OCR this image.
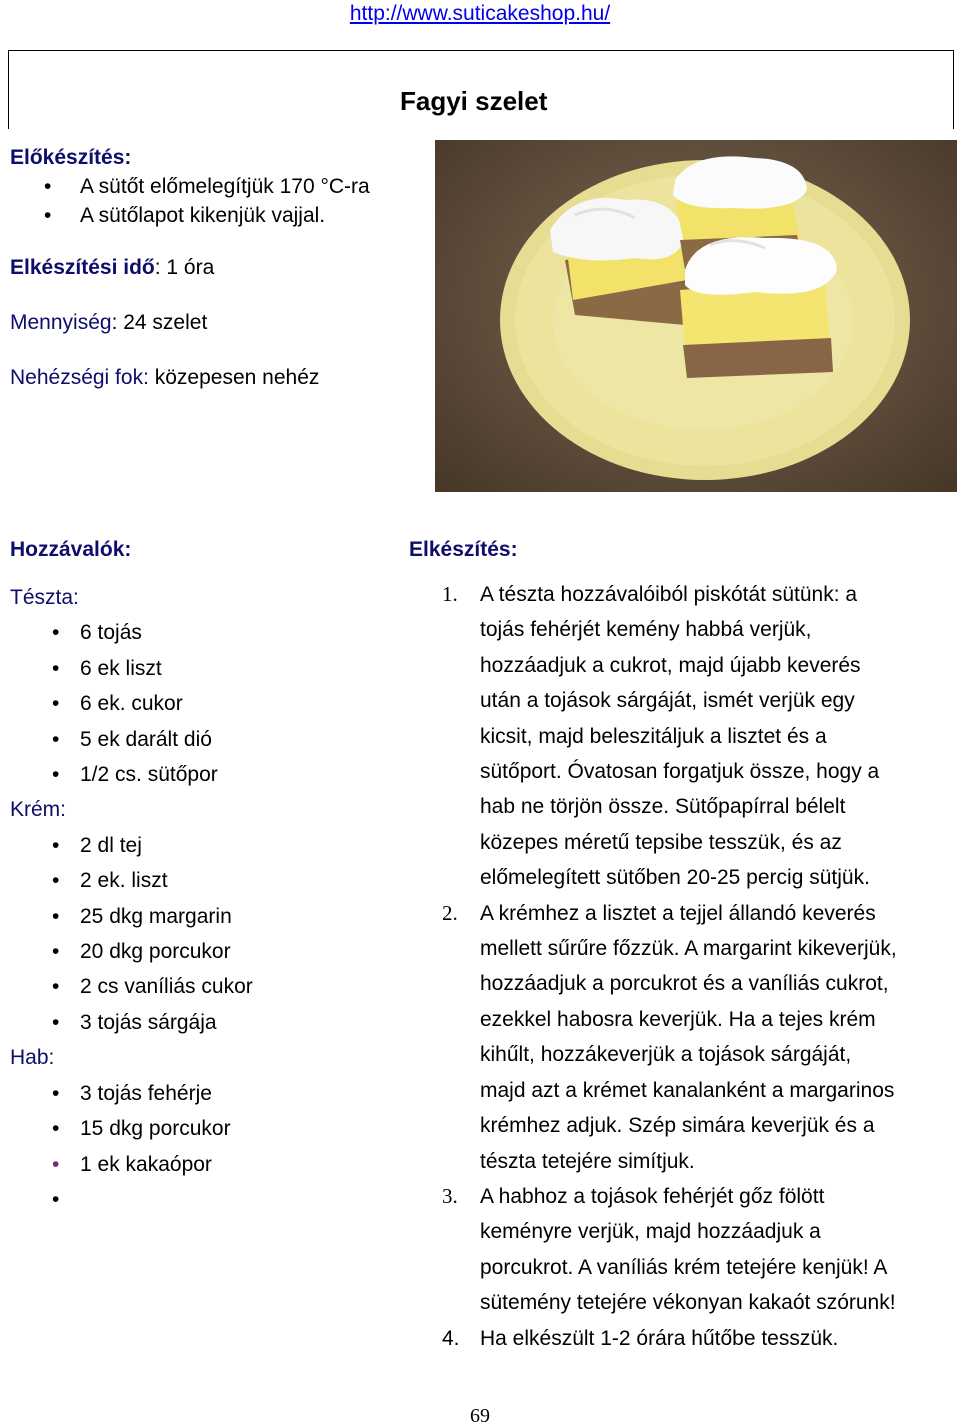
http://www.suticakeshop.hu/
Fagyi szelet
Előkészítés:
• A sütőt előmelegítjük 170 °C-ra
• A sütőlapot kikenjük vajjal.
Elkészítési idő: 1 óra
Mennyiség: 24 szelet
Nehézségi fok: közepesen nehéz
Hozzávalók:
Tészta:
• 6 tojás
• 6 ek liszt
• 6 ek. cukor
• 5 ek darált dió
• 1/2 cs. sütőpor
Krém:
• 2 dl tej
• 2 ek. liszt
• 25 dkg margarin
• 20 dkg porcukor
• 2 cs vaníliás cukor
• 3 tojás sárgája
Hab:
• 3 tojás fehérje
• 15 dkg porcukor
• 1 ek kakaópor
•
Elkészítés:
1. A tészta hozzávalóiból piskótát sütünk: a
tojás fehérjét kemény habbá verjük,
hozzáadjuk a cukrot, majd újabb keverés
után a tojások sárgáját, ismét verjük egy
kicsit, majd beleszitáljuk a lisztet és a
sütőport. Óvatosan forgatjuk össze, hogy a
hab ne törjön össze. Sütőpapírral bélelt
közepes méretű tepsibe tesszük, és az
előmelegített sütőben 20-25 percig sütjük.
2. A krémhez a lisztet a tejjel állandó keverés
mellett sűrűre főzzük. A margarint kikeverjük,
hozzáadjuk a porcukrot és a vaníliás cukrot,
ezekkel habosra keverjük. Ha a tejes krém
kihűlt, hozzákeverjük a tojások sárgáját,
majd azt a krémet kanalanként a margarinos
krémhez adjuk. Szép simára keverjük és a
tészta tetejére simítjuk.
3. A habhoz a tojások fehérjét gőz fölött
keményre verjük, majd hozzáadjuk a
porcukrot. A vaníliás krém tetejére kenjük! A
sütemény tetejére vékonyan kakaót szórunk!
4. Ha elkészült 1-2 órára hűtőbe tesszük.
69
